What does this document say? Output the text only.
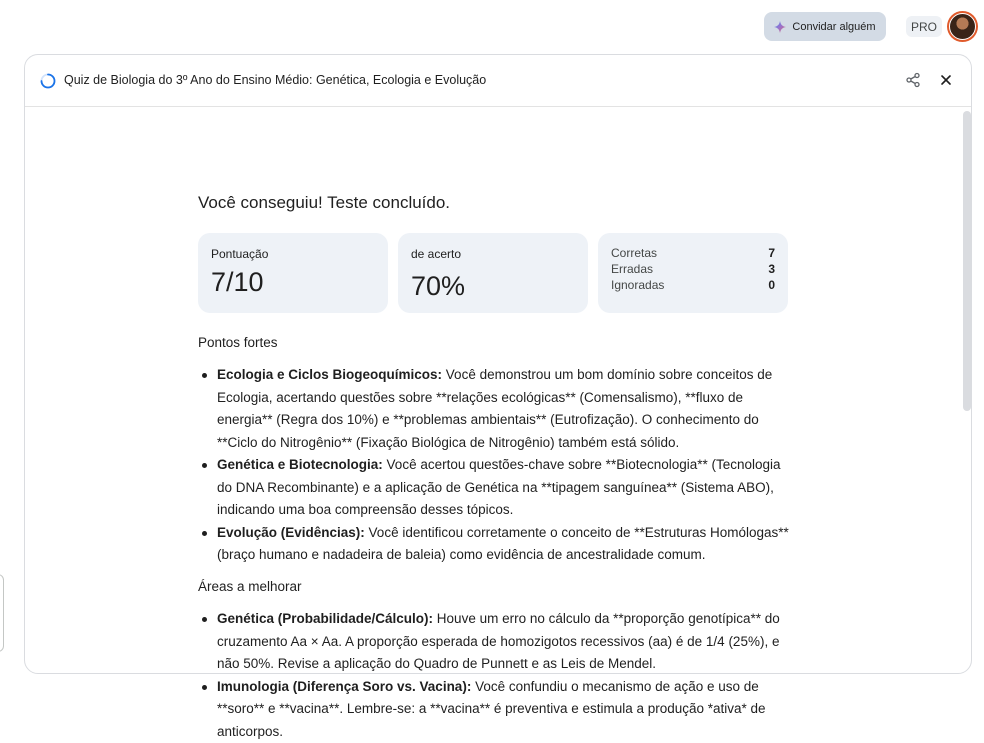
Convidar alguém	PRO
Quiz de Biologia do 3º Ano do Ensino Médio: Genética, Ecologia e Evolução
Você conseguiu! Teste concluído.
Pontuação
7/10
de acerto
70%
Corretas	7
Erradas	3
Ignoradas	0
Pontos fortes
Ecologia e Ciclos Biogeoquímicos: Você demonstrou um bom domínio sobre conceitos de Ecologia, acertando questões sobre **relações ecológicas** (Comensalismo), **fluxo de energia** (Regra dos 10%) e **problemas ambientais** (Eutrofização). O conhecimento do **Ciclo do Nitrogênio** (Fixação Biológica de Nitrogênio) também está sólido.
Genética e Biotecnologia: Você acertou questões-chave sobre **Biotecnologia** (Tecnologia do DNA Recombinante) e a aplicação de Genética na **tipagem sanguínea** (Sistema ABO), indicando uma boa compreensão desses tópicos.
Evolução (Evidências): Você identificou corretamente o conceito de **Estruturas Homólogas** (braço humano e nadadeira de baleia) como evidência de ancestralidade comum.
Áreas a melhorar
Genética (Probabilidade/Cálculo): Houve um erro no cálculo da **proporção genotípica** do cruzamento Aa × Aa. A proporção esperada de homozigotos recessivos (aa) é de 1/4 (25%), e não 50%. Revise a aplicação do Quadro de Punnett e as Leis de Mendel.
Imunologia (Diferença Soro vs. Vacina): Você confundiu o mecanismo de ação e uso de **soro** e **vacina**. Lembre-se: a **vacina** é preventiva e estimula a produção *ativa* de anticorpos.
